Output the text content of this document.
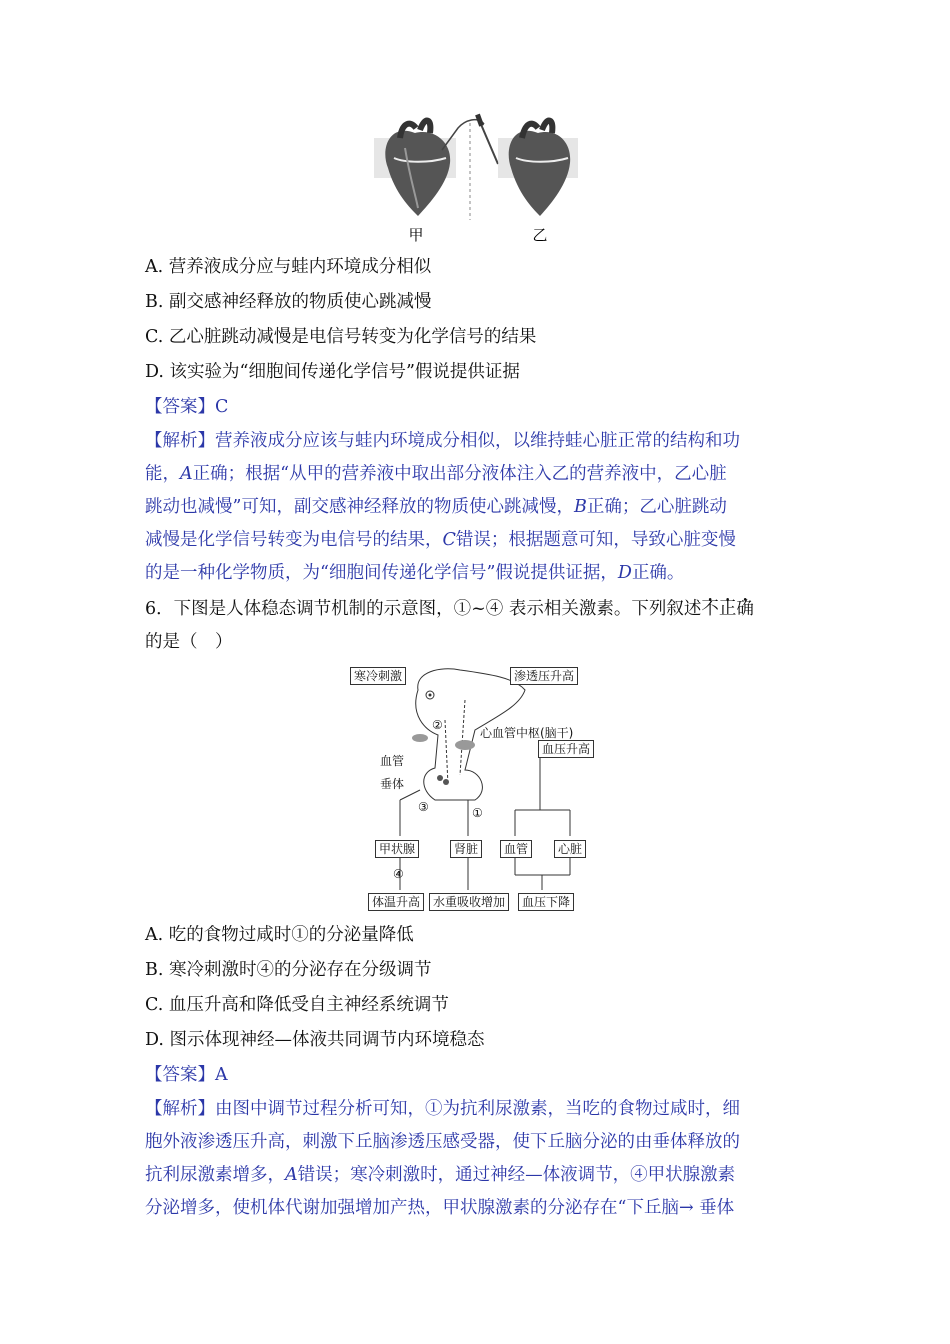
甲	乙
A. 营养液成分应与蛙内环境成分相似
B. 副交感神经释放的物质使心跳减慢
C. 乙心脏跳动减慢是电信号转变为化学信号的结果
D. 该实验为“细胞间传递化学信号”假说提供证据
【答案】C
【解析】营养液成分应该与蛙内环境成分相似，以维持蛙心脏正常的结构和功
能，A正确；根据“从甲的营养液中取出部分液体注入乙的营养液中，乙心脏
跳动也减慢”可知，副交感神经释放的物质使心跳减慢，B正确；乙心脏跳动
减慢是化学信号转变为电信号的结果，C错误；根据题意可知，导致心脏变慢
的是一种化学物质，为“细胞间传递化学信号”假说提供证据，D正确。
6．下图是人体稳态调节机制的示意图，①~④ 表示相关激素。下列叙述不正确
的是（　）
寒冷刺激	渗透压升高
心血管中枢(脑干)
血压升高
血管
垂体
②
③	①
甲状腺	肾脏	血管	心脏
④
体温升高	水重吸收增加	血压下降
A. 吃的食物过咸时①的分泌量降低
B. 寒冷刺激时④的分泌存在分级调节
C. 血压升高和降低受自主神经系统调节
D. 图示体现神经—体液共同调节内环境稳态
【答案】A
【解析】由图中调节过程分析可知，①为抗利尿激素，当吃的食物过咸时，细
胞外液渗透压升高，刺激下丘脑渗透压感受器，使下丘脑分泌的由垂体释放的
抗利尿激素增多，A错误；寒冷刺激时，通过神经—体液调节，④甲状腺激素
分泌增多，使机体代谢加强增加产热，甲状腺激素的分泌存在“下丘脑→ 垂体
